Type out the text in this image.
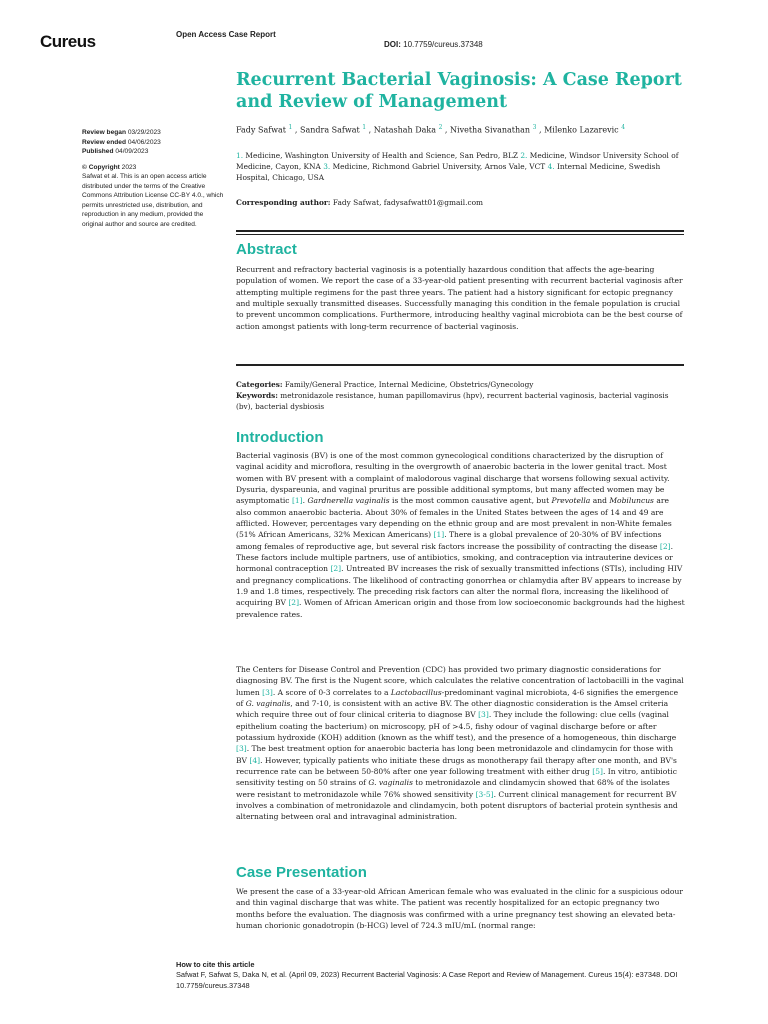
Cureus	Open Access Case Report
DOI: 10.7759/cureus.37348
Recurrent Bacterial Vaginosis: A Case Report and Review of Management
Review began 03/29/2023
Review ended 04/06/2023
Published 04/09/2023
© Copyright 2023
Safwat et al. This is an open access article distributed under the terms of the Creative Commons Attribution License CC-BY 4.0., which permits unrestricted use, distribution, and reproduction in any medium, provided the original author and source are credited.
Fady Safwat $^1$ , Sandra Safwat $^1$ , Natashah Daka $^2$ , Nivetha Sivanathan $^3$ , Milenko Lazarevic $^4$
1. Medicine, Washington University of Health and Science, San Pedro, BLZ 2. Medicine, Windsor University School of Medicine, Cayon, KNA 3. Medicine, Richmond Gabriel University, Arnos Vale, VCT 4. Internal Medicine, Swedish Hospital, Chicago, USA
Corresponding author: Fady Safwat, fadysafwatt01@gmail.com
Abstract

Recurrent and refractory bacterial vaginosis is a potentially hazardous condition that affects the age-bearing population of women. We report the case of a 33-year-old patient presenting with recurrent bacterial vaginosis after attempting multiple regimens for the past three years. The patient had a history significant for ectopic pregnancy and multiple sexually transmitted diseases. Successfully managing this condition in the female population is crucial to prevent uncommon complications. Furthermore, introducing healthy vaginal microbiota can be the best course of action amongst patients with long-term recurrence of bacterial vaginosis.

Categories: Family/General Practice, Internal Medicine, Obstetrics/Gynecology
Keywords: metronidazole resistance, human papillomavirus (hpv), recurrent bacterial vaginosis, bacterial vaginosis (bv), bacterial dysbiosis
Introduction

Bacterial vaginosis (BV) is one of the most common gynecological conditions characterized by the disruption of vaginal acidity and microflora, resulting in the overgrowth of anaerobic bacteria in the lower genital tract. Most women with BV present with a complaint of malodorous vaginal discharge that worsens following sexual activity. Dysuria, dyspareunia, and vaginal pruritus are possible additional symptoms, but many affected women may be asymptomatic [1]. Gardnerella vaginalis is the most common causative agent, but Prevotella and Mobiluncus are also common anaerobic bacteria. About 30% of females in the United States between the ages of 14 and 49 are afflicted. However, percentages vary depending on the ethnic group and are most prevalent in non-White females (51% African Americans, 32% Mexican Americans) [1]. There is a global prevalence of 20-30% of BV infections among females of reproductive age, but several risk factors increase the possibility of contracting the disease [2]. These factors include multiple partners, use of antibiotics, smoking, and contraception via intrauterine devices or hormonal contraception [2]. Untreated BV increases the risk of sexually transmitted infections (STIs), including HIV and pregnancy complications. The likelihood of contracting gonorrhea or chlamydia after BV appears to increase by 1.9 and 1.8 times, respectively. The preceding risk factors can alter the normal flora, increasing the likelihood of acquiring BV [2]. Women of African American origin and those from low socioeconomic backgrounds had the highest prevalence rates.

The Centers for Disease Control and Prevention (CDC) has provided two primary diagnostic considerations for diagnosing BV. The first is the Nugent score, which calculates the relative concentration of lactobacilli in the vaginal lumen [3]. A score of 0-3 correlates to a Lactobacillus-predominant vaginal microbiota, 4-6 signifies the emergence of G. vaginalis, and 7-10, is consistent with an active BV. The other diagnostic consideration is the Amsel criteria which require three out of four clinical criteria to diagnose BV [3]. They include the following: clue cells (vaginal epithelium coating the bacterium) on microscopy, pH of >4.5, fishy odour of vaginal discharge before or after potassium hydroxide (KOH) addition (known as the whiff test), and the presence of a homogeneous, thin discharge [3]. The best treatment option for anaerobic bacteria has long been metronidazole and clindamycin for those with BV [4]. However, typically patients who initiate these drugs as monotherapy fail therapy after one month, and BV's recurrence rate can be between 50-80% after one year following treatment with either drug [5]. In vitro, antibiotic sensitivity testing on 50 strains of G. vaginalis to metronidazole and clindamycin showed that 68% of the isolates were resistant to metronidazole while 76% showed sensitivity [3-5]. Current clinical management for recurrent BV involves a combination of metronidazole and clindamycin, both potent disruptors of bacterial protein synthesis and alternating between oral and intravaginal administration.

Case Presentation

We present the case of a 33-year-old African American female who was evaluated in the clinic for a suspicious odour and thin vaginal discharge that was white. The patient was recently hospitalized for an ectopic pregnancy two months before the evaluation. The diagnosis was confirmed with a urine pregnancy test showing an elevated beta-human chorionic gonadotropin (b-HCG) level of 724.3 mIU/mL (normal range:

How to cite this article
Safwat F, Safwat S, Daka N, et al. (April 09, 2023) Recurrent Bacterial Vaginosis: A Case Report and Review of Management. Cureus 15(4): e37348. DOI 10.7759/cureus.37348
